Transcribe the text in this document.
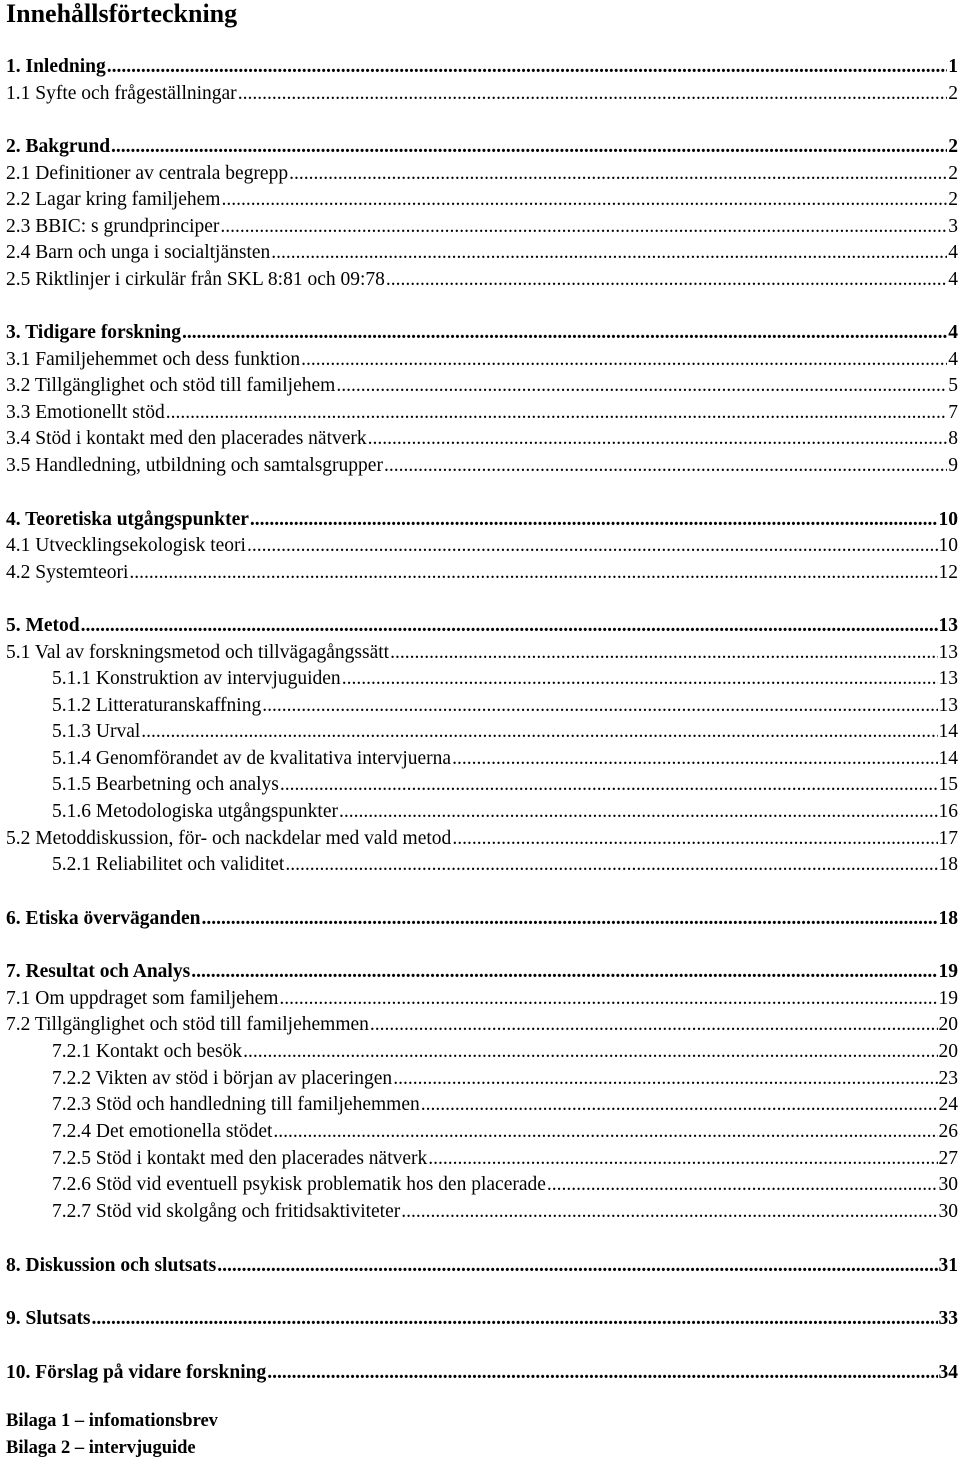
Innehållsförteckning
1. Inledning .....	1
1.1 Syfte och frågeställningar .....	2
2. Bakgrund .....	2
2.1 Definitioner av centrala begrepp .....	2
2.2 Lagar kring familjehem .....	2
2.3 BBIC: s grundprinciper .....	3
2.4 Barn och unga i socialtjänsten .....	4
2.5 Riktlinjer i cirkulär från SKL 8:81 och 09:78 .....	4
3. Tidigare forskning .....	4
3.1 Familjehemmet och dess funktion .....	4
3.2 Tillgänglighet och stöd till familjehem .....	5
3.3 Emotionellt stöd .....	7
3.4 Stöd i kontakt med den placerades nätverk .....	8
3.5 Handledning, utbildning och samtalsgrupper .....	9
4. Teoretiska utgångspunkter .....	10
4.1 Utvecklingsekologisk teori .....	10
4.2 Systemteori .....	12
5. Metod .....	13
5.1 Val av forskningsmetod och tillvägagångssätt .....	13
5.1.1 Konstruktion av intervjuguiden .....	13
5.1.2 Litteraturanskaffning .....	13
5.1.3 Urval .....	14
5.1.4 Genomförandet av de kvalitativa intervjuerna .....	14
5.1.5 Bearbetning och analys .....	15
5.1.6 Metodologiska utgångspunkter .....	16
5.2 Metoddiskussion, för- och nackdelar med vald metod .....	17
5.2.1 Reliabilitet och validitet .....	18
6. Etiska överväganden .....	18
7. Resultat och Analys .....	19
7.1 Om uppdraget som familjehem .....	19
7.2 Tillgänglighet och stöd till familjehemmen .....	20
7.2.1 Kontakt och besök .....	20
7.2.2 Vikten av stöd i början av placeringen .....	23
7.2.3 Stöd och handledning till familjehemmen .....	24
7.2.4 Det emotionella stödet .....	26
7.2.5 Stöd i kontakt med den placerades nätverk .....	27
7.2.6 Stöd vid eventuell psykisk problematik hos den placerade .....	30
7.2.7 Stöd vid skolgång och fritidsaktiviteter .....	30
8. Diskussion och slutsats .....	31
9. Slutsats .....	33
10. Förslag på vidare forskning .....	34
Bilaga 1 – infomationsbrev
Bilaga 2 – intervjuguide
